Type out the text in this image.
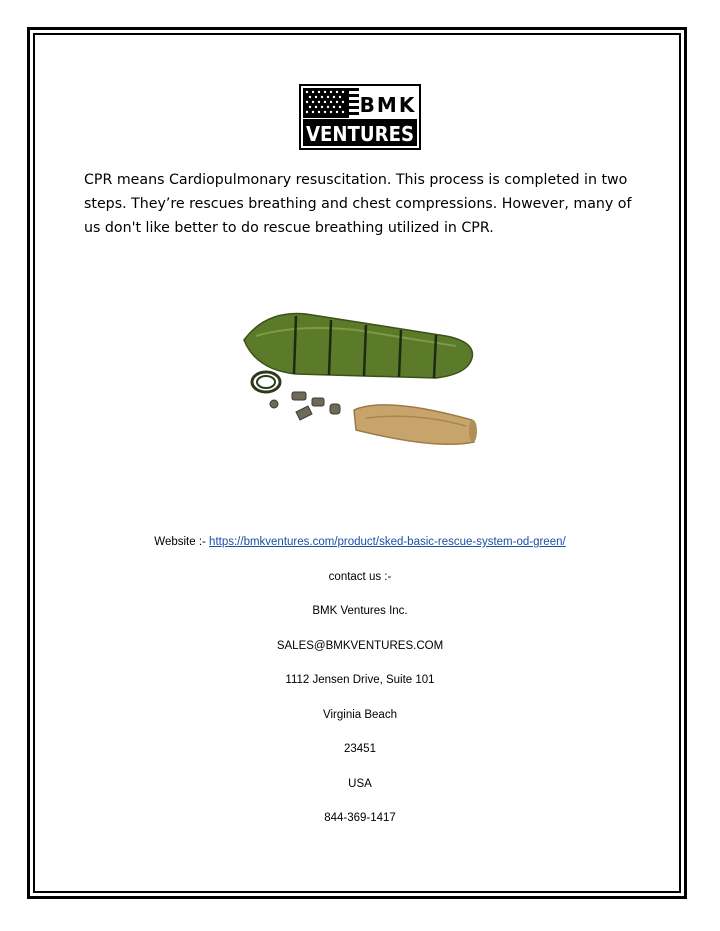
BMK
VENTURES
CPR means Cardiopulmonary resuscitation. This process is completed in two steps. They’re rescues breathing and chest compressions. However, many of us don't like better to do rescue breathing utilized in CPR.
Website :- https://bmkventures.com/product/sked-basic-rescue-system-od-green/
contact us :-
BMK Ventures Inc.
SALES@BMKVENTURES.COM
1112 Jensen Drive, Suite 101
Virginia Beach
23451
USA
844-369-1417
